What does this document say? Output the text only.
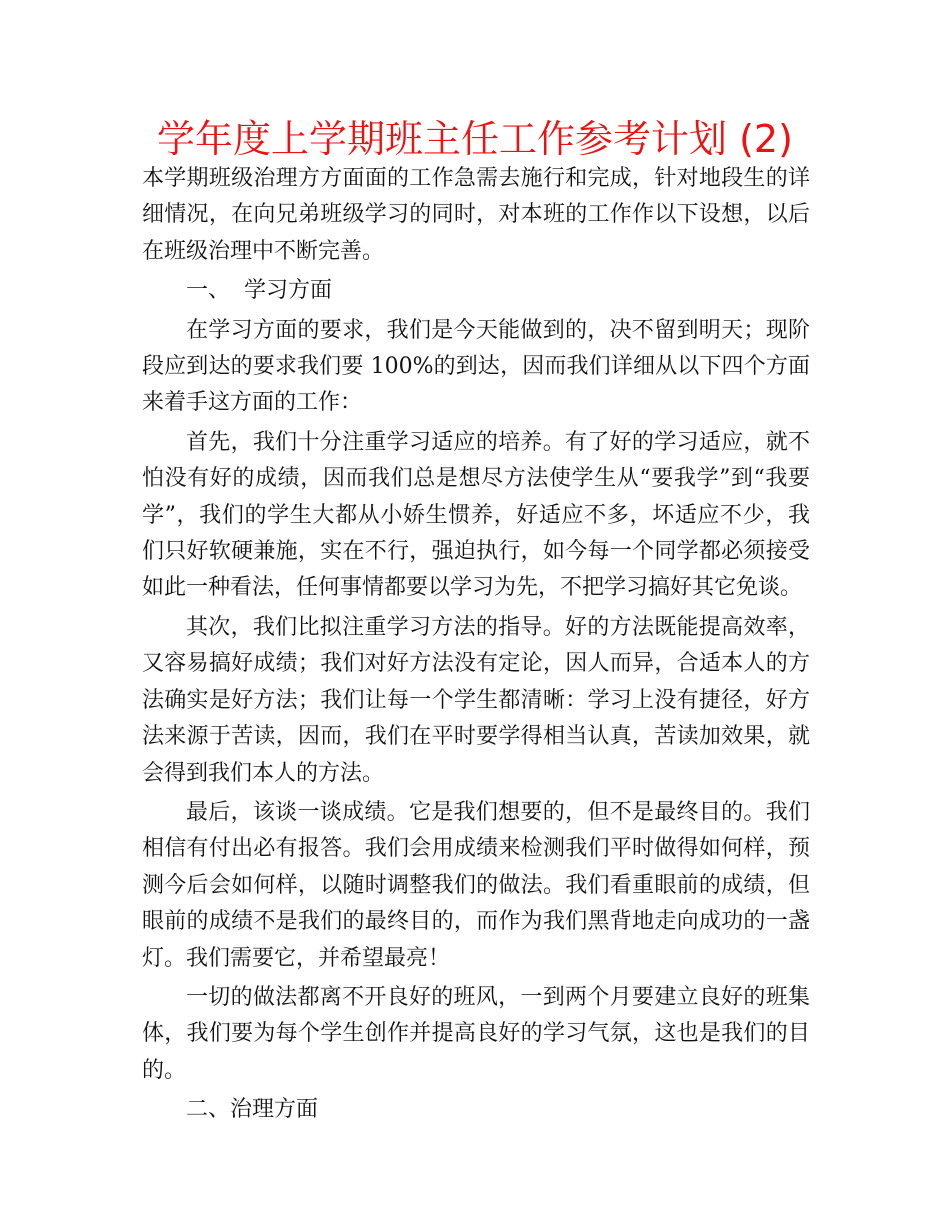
学年度上学期班主任工作参考计划 (2)

本学期班级治理方方面面的工作急需去施行和完成，针对地段生的详细情况，在向兄弟班级学习的同时，对本班的工作作以下设想，以后在班级治理中不断完善。

一、  学习方面

在学习方面的要求，我们是今天能做到的，决不留到明天；现阶段应到达的要求我们要 100%的到达，因而我们详细从以下四个方面来着手这方面的工作：

首先，我们十分注重学习适应的培养。有了好的学习适应，就不怕没有好的成绩，因而我们总是想尽方法使学生从“要我学”到“我要学”，我们的学生大都从小娇生惯养，好适应不多，坏适应不少，我们只好软硬兼施，实在不行，强迫执行，如今每一个同学都必须接受如此一种看法，任何事情都要以学习为先，不把学习搞好其它免谈。

其次，我们比拟注重学习方法的指导。好的方法既能提高效率，又容易搞好成绩；我们对好方法没有定论，因人而异，合适本人的方法确实是好方法；我们让每一个学生都清晰：学习上没有捷径，好方法来源于苦读，因而，我们在平时要学得相当认真，苦读加效果，就会得到我们本人的方法。

最后，该谈一谈成绩。它是我们想要的，但不是最终目的。我们相信有付出必有报答。我们会用成绩来检测我们平时做得如何样，预测今后会如何样，以随时调整我们的做法。我们看重眼前的成绩，但眼前的成绩不是我们的最终目的，而作为我们黑背地走向成功的一盏灯。我们需要它，并希望最亮！

一切的做法都离不开良好的班风，一到两个月要建立良好的班集体，我们要为每个学生创作并提高良好的学习气氛，这也是我们的目的。

二、治理方面
